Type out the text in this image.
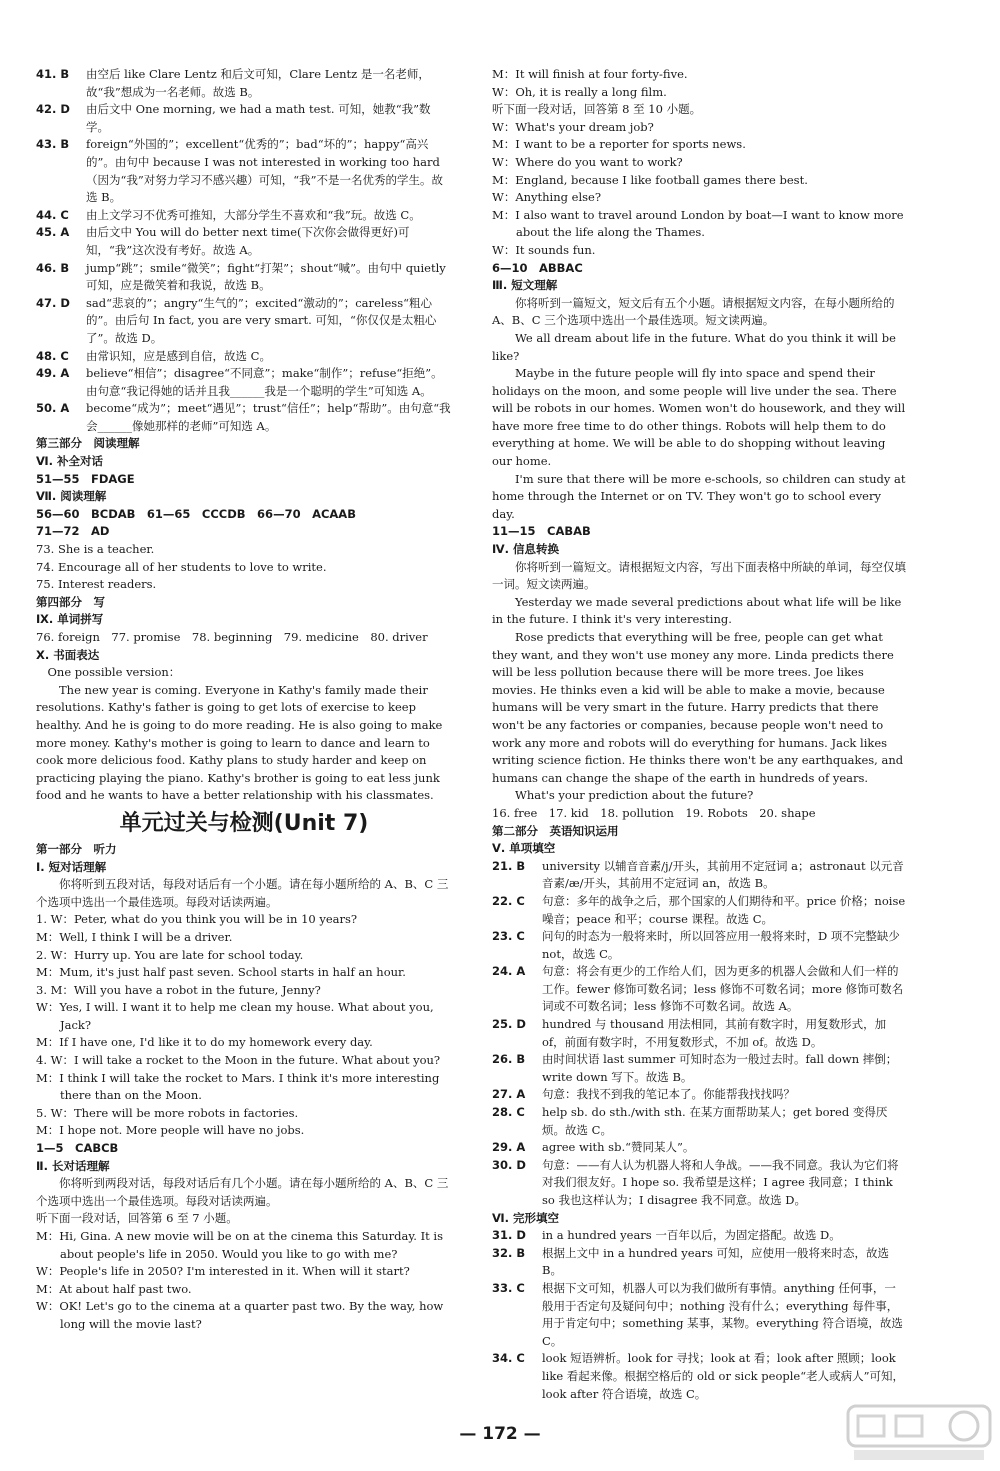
41. B 由空后 like Clare Lentz 和后文可知，Clare Lentz 是一名老师，故“我”想成为一名老师。故选 B。
42. D 由后文中 One morning, we had a math test. 可知，她教“我”数学。
43. B foreign“外国的”；excellent“优秀的”；bad“坏的”；happy“高兴的”。由句中 because I was not interested in working too hard（因为“我”对努力学习不感兴趣）可知，“我”不是一名优秀的学生。故选 B。
44. C 由上文学习不优秀可推知，大部分学生不喜欢和“我”玩。故选 C。
45. A 由后文中 You will do better next time(下次你会做得更好)可知，“我”这次没有考好。故选 A。
46. B jump“跳”；smile“微笑”；fight“打架”；shout“喊”。由句中 quietly 可知，应是微笑着和我说，故选 B。
47. D sad“悲哀的”；angry“生气的”；excited“激动的”；careless“粗心的”。由后句 In fact, you are very smart. 可知，“你仅仅是太粗心了”。故选 D。
48. C 由常识知，应是感到自信，故选 C。
49. A believe“相信”；disagree“不同意”；make“制作”；refuse“拒绝”。由句意“我记得她的话并且我______我是一个聪明的学生”可知选 A。
50. A become“成为”；meet“遇见”；trust“信任”；help“帮助”。由句意“我会______像她那样的老师”可知选 A。

第三部分　阅读理解

Ⅵ. 补全对话

51—55　FDAGE

Ⅶ. 阅读理解

56—60　BCDAB　61—65　CCCDB　66—70　ACAAB

71—72　AD

73. She is a teacher.

74. Encourage all of her students to love to write.

75. Interest readers.

第四部分　写

Ⅸ. 单词拼写

76. foreign　77. promise　78. beginning　79. medicine　80. driver

Ⅹ. 书面表达

One possible version：

The new year is coming. Everyone in Kathy's family made their resolutions. Kathy's father is going to get lots of exercise to keep healthy. And he is going to do more reading. He is also going to make more money. Kathy's mother is going to learn to dance and learn to cook more delicious food. Kathy plans to study harder and keep on practicing playing the piano. Kathy's brother is going to eat less junk food and he wants to have a better relationship with his classmates.

单元过关与检测(Unit 7)

第一部分　听力

Ⅰ. 短对话理解

你将听到五段对话，每段对话后有一个小题。请在每小题所给的 A、B、C 三个选项中选出一个最佳选项。每段对话读两遍。

1. W：Peter, what do you think you will be in 10 years?

M：Well, I think I will be a driver.

2. W：Hurry up. You are late for school today.

M：Mum, it's just half past seven. School starts in half an hour.

3. M：Will you have a robot in the future, Jenny?

W：Yes, I will. I want it to help me clean my house. What about you, Jack?

M：If I have one, I'd like it to do my homework every day.

4. W：I will take a rocket to the Moon in the future. What about you?

M：I think I will take the rocket to Mars. I think it's more interesting there than on the Moon.

5. W：There will be more robots in factories.

M：I hope not. More people will have no jobs.

1—5　CABCB

Ⅱ. 长对话理解

你将听到两段对话，每段对话后有几个小题。请在每小题所给的 A、B、C 三个选项中选出一个最佳选项。每段对话读两遍。

听下面一段对话，回答第 6 至 7 小题。

M：Hi, Gina. A new movie will be on at the cinema this Saturday. It is about people's life in 2050. Would you like to go with me?

W：People's life in 2050? I'm interested in it. When will it start?

M：At about half past two.

W：OK! Let's go to the cinema at a quarter past two. By the way, how long will the movie last?

M：It will finish at four forty-five.

W：Oh, it is really a long film.

听下面一段对话，回答第 8 至 10 小题。

W：What's your dream job?

M：I want to be a reporter for sports news.

W：Where do you want to work?

M：England, because I like football games there best.

W：Anything else?

M：I also want to travel around London by boat—I want to know more about the life along the Thames.

W：It sounds fun.

6—10　ABBAC

Ⅲ. 短文理解

你将听到一篇短文，短文后有五个小题。请根据短文内容，在每小题所给的 A、B、C 三个选项中选出一个最佳选项。短文读两遍。

We all dream about life in the future. What do you think it will be like?

Maybe in the future people will fly into space and spend their holidays on the moon, and some people will live under the sea. There will be robots in our homes. Women won't do housework, and they will have more free time to do other things. Robots will help them to do everything at home. We will be able to do shopping without leaving our home.

I'm sure that there will be more e-schools, so children can study at home through the Internet or on TV. They won't go to school every day.

11—15　CABAB

Ⅳ. 信息转换

你将听到一篇短文。请根据短文内容，写出下面表格中所缺的单词，每空仅填一词。短文读两遍。

Yesterday we made several predictions about what life will be like in the future. I think it's very interesting.

Rose predicts that everything will be free, people can get what they want, and they won't use money any more. Linda predicts there will be less pollution because there will be more trees. Joe likes movies. He thinks even a kid will be able to make a movie, because humans will be very smart in the future. Harry predicts that there won't be any factories or companies, because people won't need to work any more and robots will do everything for humans. Jack likes writing science fiction. He thinks there won't be any earthquakes, and humans can change the shape of the earth in hundreds of years.

What's your prediction about the future?

16. free　17. kid　18. pollution　19. Robots　20. shape

第二部分　英语知识运用

Ⅴ. 单项填空

21. B university 以辅音音素/j/开头，其前用不定冠词 a；astronaut 以元音音素/æ/开头，其前用不定冠词 an，故选 B。
22. C 句意：多年的战争之后，那个国家的人们期待和平。price 价格；noise 噪音；peace 和平；course 课程。故选 C。
23. C 问句的时态为一般将来时，所以回答应用一般将来时，D 项不完整缺少 not，故选 C。
24. A 句意：将会有更少的工作给人们，因为更多的机器人会做和人们一样的工作。fewer 修饰可数名词；less 修饰不可数名词；more 修饰可数名词或不可数名词；less 修饰不可数名词。故选 A。
25. D hundred 与 thousand 用法相同，其前有数字时，用复数形式，加 of，前面有数字时，不用复数形式，不加 of。故选 D。
26. B 由时间状语 last summer 可知时态为一般过去时。fall down 摔倒；write down 写下。故选 B。
27. A 句意：我找不到我的笔记本了。你能帮我找找吗？
28. C help sb. do sth./with sth. 在某方面帮助某人；get bored 变得厌烦。故选 C。
29. A agree with sb.“赞同某人”。
30. D 句意：——有人认为机器人将和人争战。——我不同意。我认为它们将对我们很友好。I hope so. 我希望是这样；I agree 我同意；I think so 我也这样认为；I disagree 我不同意。故选 D。

Ⅵ. 完形填空

31. D in a hundred years 一百年以后，为固定搭配。故选 D。
32. B 根据上文中 in a hundred years 可知，应使用一般将来时态，故选 B。
33. C 根据下文可知，机器人可以为我们做所有事情。anything 任何事，一般用于否定句及疑问句中；nothing 没有什么；everything 每件事，用于肯定句中；something 某事，某物。everything 符合语境，故选 C。
34. C look 短语辨析。look for 寻找；look at 看；look after 照顾；look like 看起来像。根据空格后的 old or sick people“老人或病人”可知，look after 符合语境，故选 C。
— 172 —
